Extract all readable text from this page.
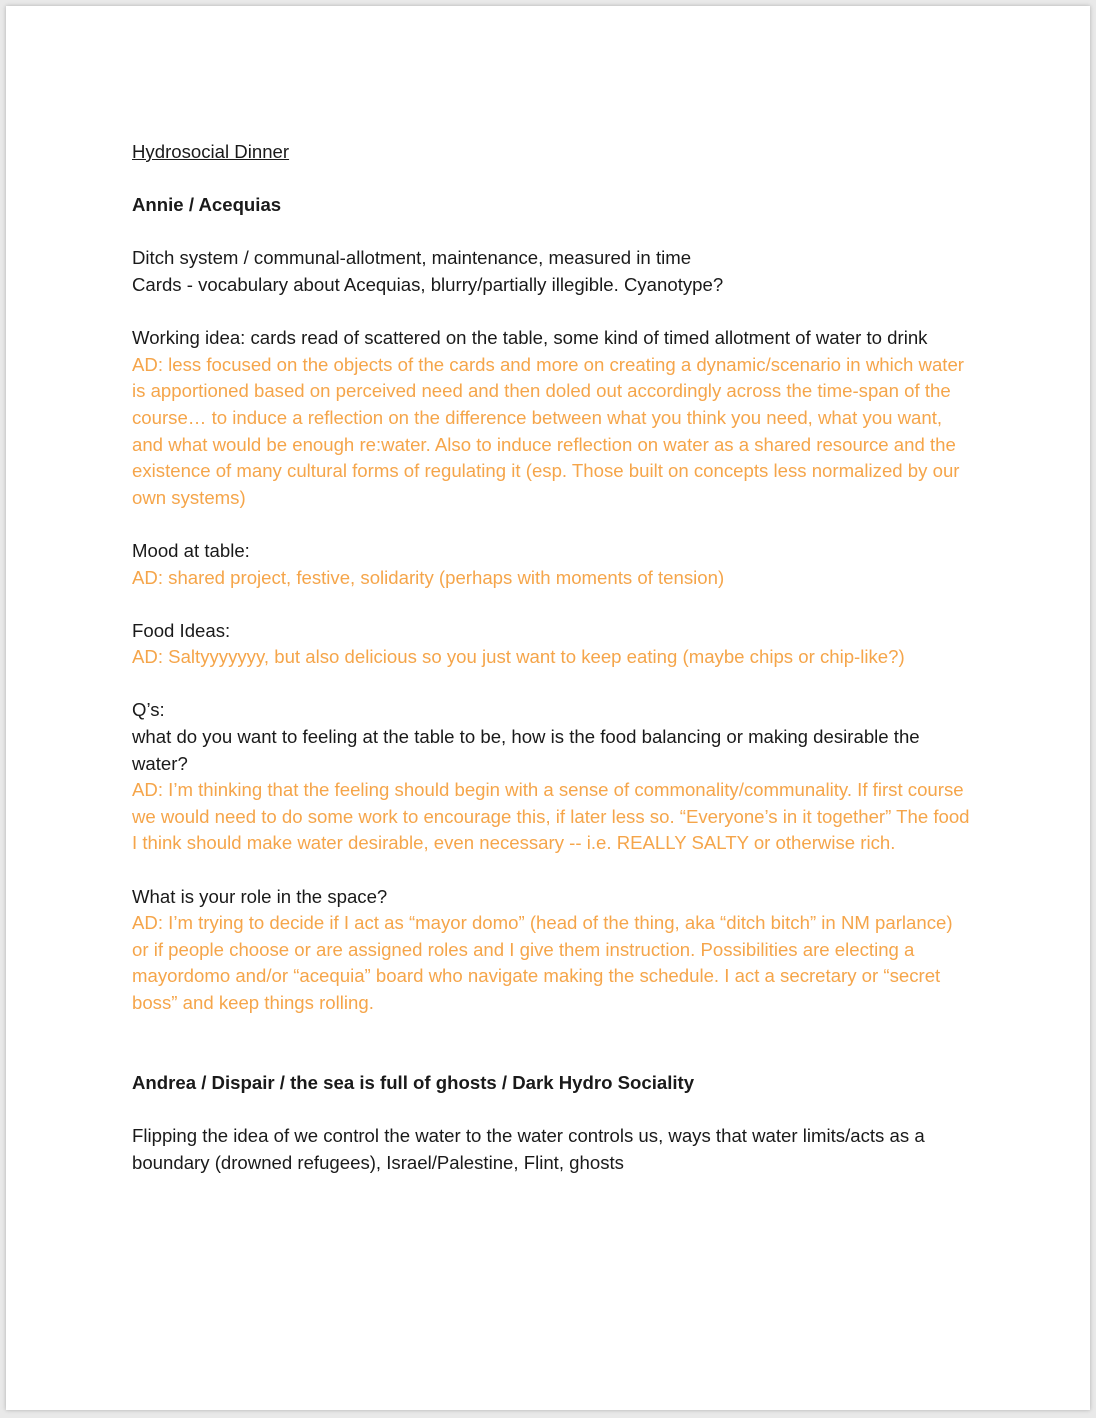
Hydrosocial Dinner

Annie / Acequias

Ditch system / communal-allotment, maintenance, measured in time

Cards - vocabulary about Acequias, blurry/partially illegible. Cyanotype?

Working idea: cards read of scattered on the table, some kind of timed allotment of water to drink

AD: less focused on the objects of the cards and more on creating a dynamic/scenario in which water is apportioned based on perceived need and then doled out accordingly across the time-span of the course… to induce a reflection on the difference between what you think you need, what you want, and what would be enough re:water. Also to induce reflection on water as a shared resource and the existence of many cultural forms of regulating it (esp. Those built on concepts less normalized by our own systems)

Mood at table:

AD: shared project, festive, solidarity (perhaps with moments of tension)

Food Ideas:

AD: Saltyyyyyyy, but also delicious so you just want to keep eating (maybe chips or chip-like?)

Q’s:

what do you want to feeling at the table to be, how is the food balancing or making desirable the water?

AD: I’m thinking that the feeling should begin with a sense of commonality/communality. If first course we would need to do some work to encourage this, if later less so. “Everyone’s in it together” The food I think should make water desirable, even necessary -- i.e. REALLY SALTY or otherwise rich.

What is your role in the space?

AD: I’m trying to decide if I act as “mayor domo” (head of the thing, aka “ditch bitch” in NM parlance) or if people choose or are assigned roles and I give them instruction. Possibilities are electing a mayordomo and/or “acequia” board who navigate making the schedule. I act a secretary or “secret boss” and keep things rolling.

Andrea / Dispair / the sea is full of ghosts / Dark Hydro Sociality

Flipping the idea of we control the water to the water controls us, ways that water limits/acts as a boundary (drowned refugees), Israel/Palestine, Flint, ghosts
